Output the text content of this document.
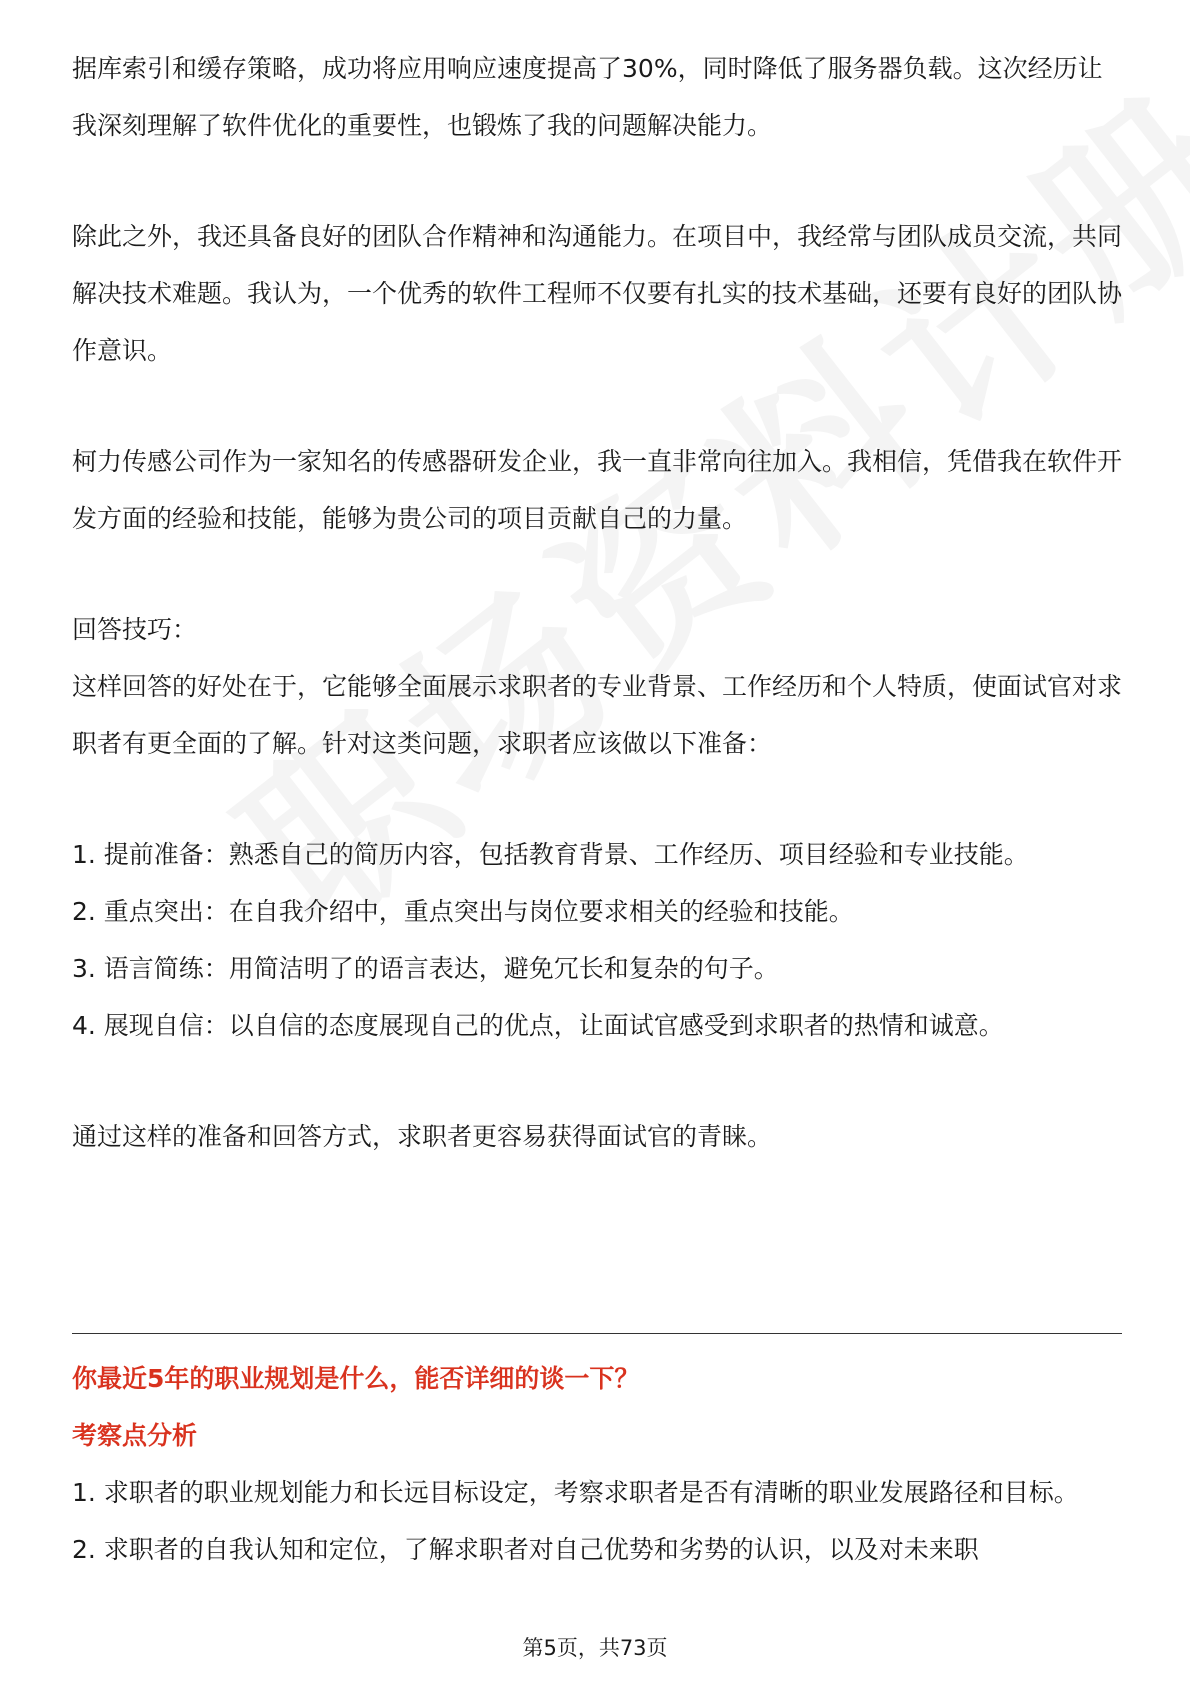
据库索引和缓存策略，成功将应用响应速度提高了30%，同时降低了服务器负载。这次经历让我深刻理解了软件优化的重要性，也锻炼了我的问题解决能力。

除此之外，我还具备良好的团队合作精神和沟通能力。在项目中，我经常与团队成员交流，共同解决技术难题。我认为，一个优秀的软件工程师不仅要有扎实的技术基础，还要有良好的团队协作意识。

柯力传感公司作为一家知名的传感器研发企业，我一直非常向往加入。我相信，凭借我在软件开发方面的经验和技能，能够为贵公司的项目贡献自己的力量。

回答技巧：

这样回答的好处在于，它能够全面展示求职者的专业背景、工作经历和个人特质，使面试官对求职者有更全面的了解。针对这类问题，求职者应该做以下准备：

1. 提前准备：熟悉自己的简历内容，包括教育背景、工作经历、项目经验和专业技能。

2. 重点突出：在自我介绍中，重点突出与岗位要求相关的经验和技能。

3. 语言简练：用简洁明了的语言表达，避免冗长和复杂的句子。

4. 展现自信：以自信的态度展现自己的优点，让面试官感受到求职者的热情和诚意。

通过这样的准备和回答方式，求职者更容易获得面试官的青睐。

你最近5年的职业规划是什么，能否详细的谈一下？

考察点分析

1. 求职者的职业规划能力和长远目标设定，考察求职者是否有清晰的职业发展路径和目标。

2. 求职者的自我认知和定位，了解求职者对自己优势和劣势的认识，以及对未来职

第5页，共73页
